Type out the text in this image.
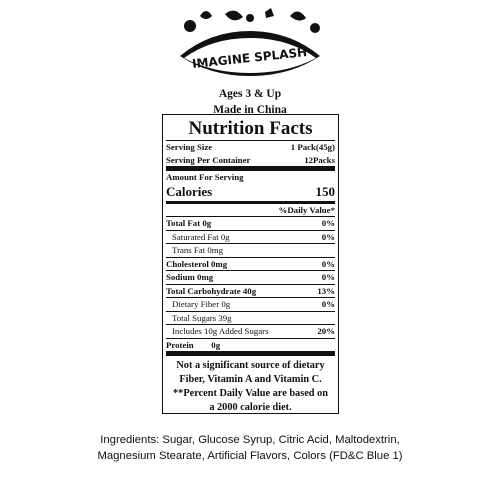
IMAGINE SPLASH
Ages 3 & Up
Made in China
Nutrition Facts
Serving Size	1 Pack(45g)
Serving Per Container	12Packs
Amount For Serving
Calories	150
%Daily Value*
Total Fat 0g	0%
Saturated Fat 0g	0%
Trans Fat 0mg
Cholesterol 0mg	0%
Sodium 0mg	0%
Total Carbohydrate 40g	13%
Dietary Fiber 0g	0%
Total Sugars 39g
Includes 10g Added Sugars	20%
Protein 0g
Not a significant source of dietary
Fiber, Vitamin A and Vitamin C.
**Percent Daily Value are based on
a 2000 calorie diet.
Ingredients: Sugar, Glucose Syrup, Citric Acid, Maltodextrin,
Magnesium Stearate, Artificial Flavors, Colors (FD&C Blue 1)
